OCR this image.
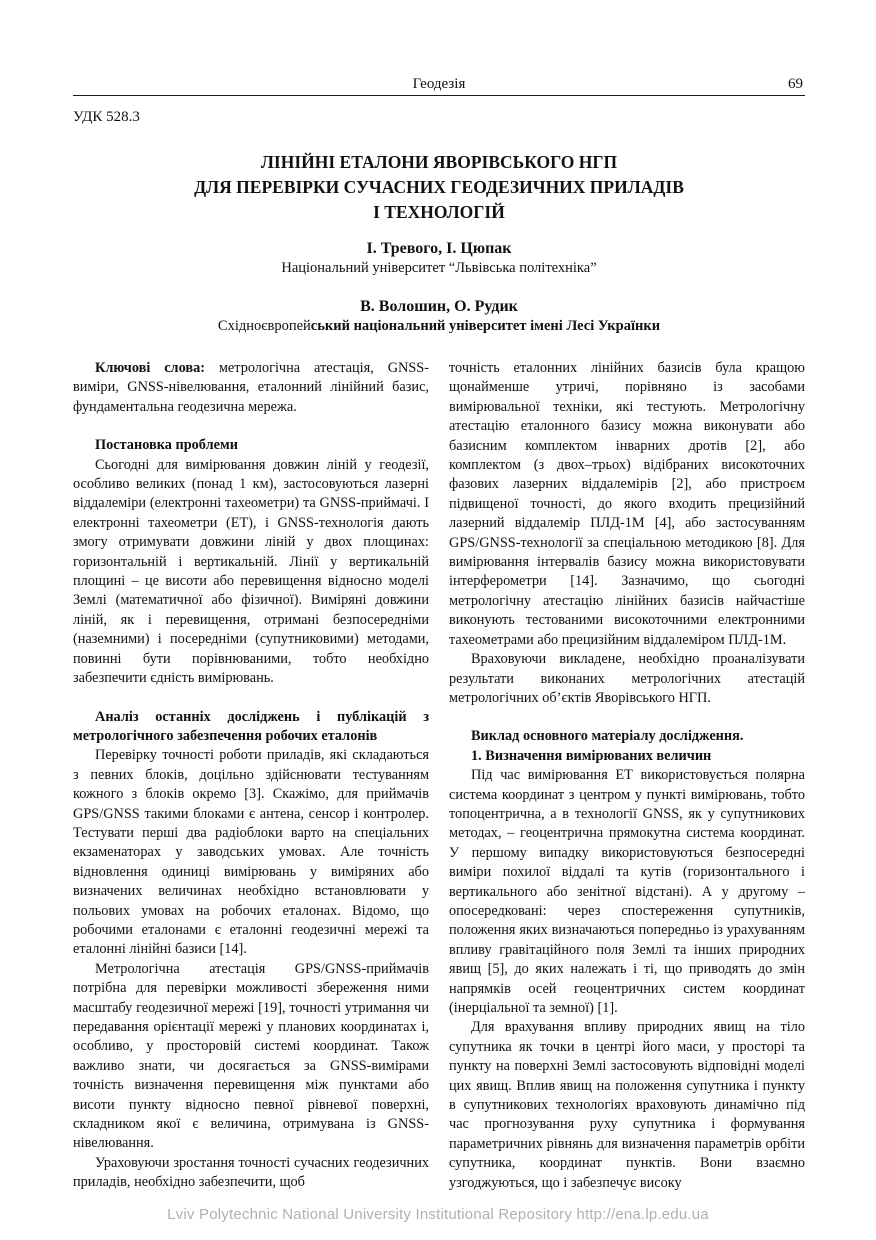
Геодезія	69
УДК 528.3
ЛІНІЙНІ ЕТАЛОНИ ЯВОРІВСЬКОГО НГП
ДЛЯ ПЕРЕВІРКИ СУЧАСНИХ ГЕОДЕЗИЧНИХ ПРИЛАДІВ
І ТЕХНОЛОГІЙ
І. Тревого, І. Цюпак
Національний університет “Львівська політехніка”
В. Волошин, О. Рудик
Східноєвропейський національний університет імені Лесі Українки

Ключові слова: метрологічна атестація, GNSS-виміри, GNSS-нівелювання, еталонний лінійний базис, фундаментальна геодезична мережа.

Постановка проблеми

Сьогодні для вимірювання довжин ліній у геодезії, особливо великих (понад 1 км), застосовуються лазерні віддалеміри (електронні тахеометри) та GNSS-приймачі. І електронні тахеометри (ЕТ), і GNSS-технологія дають змогу отримувати довжини ліній у двох площинах: горизонтальній і вертикальній. Лінії у вертикальній площині – це висоти або перевищення відносно моделі Землі (математичної або фізичної). Виміряні довжини ліній, як і перевищення, отримані безпосередніми (наземними) і посередніми (супутниковими) методами, повинні бути порівнюваними, тобто необхідно забезпечити єдність вимірювань.

Аналіз останніх досліджень і публікацій з метрологічного забезпечення робочих еталонів

Перевірку точності роботи приладів, які складаються з певних блоків, доцільно здійснювати тестуванням кожного з блоків окремо [3]. Скажімо, для приймачів GPS/GNSS такими блоками є антена, сенсор і контролер. Тестувати перші два радіоблоки варто на спеціальних екзаменаторах у заводських умовах. Але точність відновлення одиниці вимірювань у виміряних або визначених величинах необхідно встановлювати у польових умовах на робочих еталонах. Відомо, що робочими еталонами є еталонні геодезичні мережі та еталонні лінійні базиси [14].

Метрологічна атестація GPS/GNSS-приймачів потрібна для перевірки можливості збереження ними масштабу геодезичної мережі [19], точності утримання чи передавання орієнтації мережі у планових координатах і, особливо, у просторовій системі координат. Також важливо знати, чи досягається за GNSS-вимірами точність визначення перевищення між пунктами або висоти пункту відносно певної рівневої поверхні, складником якої є величина, отримувана із GNSS-нівелювання.

Ураховуючи зростання точності сучасних геодезичних приладів, необхідно забезпечити, щоб

точність еталонних лінійних базисів була кращою щонайменше утричі, порівняно із засобами вимірювальної техніки, які тестують. Метрологічну атестацію еталонного базису можна виконувати або базисним комплектом інварних дротів [2], або комплектом (з двох–трьох) відібраних високоточних фазових лазерних віддалемірів [2], або пристроєм підвищеної точності, до якого входить прецизійний лазерний віддалемір ПЛД-1М [4], або застосуванням GPS/GNSS-технології за спеціальною методикою [8]. Для вимірювання інтервалів базису можна використовувати інтерферометри [14]. Зазначимо, що сьогодні метрологічну атестацію лінійних базисів найчастіше виконують тестованими високоточними електронними тахеометрами або прецизійним віддалеміром ПЛД-1М.

Враховуючи викладене, необхідно проаналізувати результати виконаних метрологічних атестацій метрологічних об’єктів Яворівського НГП.

Виклад основного матеріалу дослідження.

1. Визначення вимірюваних величин

Під час вимірювання ЕТ використовується полярна система координат з центром у пункті вимірювань, тобто топоцентрична, а в технології GNSS, як у супутникових методах, – геоцентрична прямокутна система координат. У першому випадку використовуються безпосередні виміри похилої віддалі та кутів (горизонтального і вертикального або зенітної відстані). А у другому – опосередковані: через спостереження супутників, положення яких визначаються попередньо із урахуванням впливу гравітаційного поля Землі та інших природних явищ [5], до яких належать і ті, що приводять до змін напрямків осей геоцентричних систем координат (інерціальної та земної) [1].

Для врахування впливу природних явищ на тіло супутника як точки в центрі його маси, у просторі та пункту на поверхні Землі застосовують відповідні моделі цих явищ. Вплив явищ на положення супутника і пункту в супутникових технологіях враховують динамічно під час прогнозування руху супутника і формування параметричних рівнянь для визначення параметрів орбіти супутника, координат пунктів. Вони взаємно узгоджуються, що і забезпечує високу

Lviv Polytechnic National University Institutional Repository http://ena.lp.edu.ua
